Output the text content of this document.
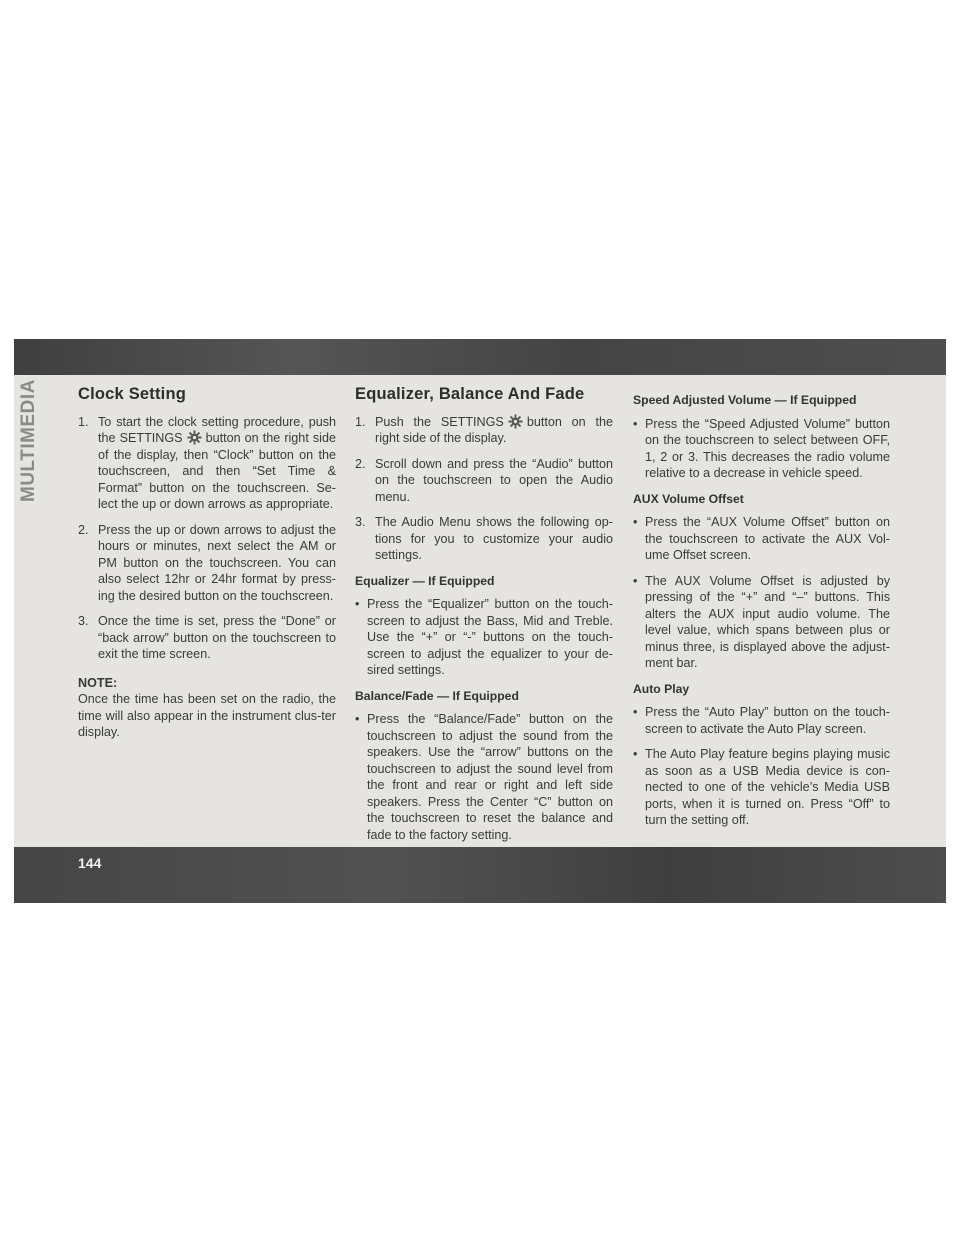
MULTIMEDIA Clock Setting
1. To start the clock setting procedure, push the SETTINGS button on the right side of the display, then “Clock” button on the touchscreen, and then “Set Time & Format” button on the touchscreen. Se-lect the up or down arrows as appropriate.
2. Press the up or down arrows to adjust the hours or minutes, next select the AM or PM button on the touchscreen. You can also select 12hr or 24hr format by press-ing the desired button on the touchscreen.
3. Once the time is set, press the “Done” or “back arrow” button on the touchscreen to exit the time screen.
NOTE:
Once the time has been set on the radio, the time will also appear in the instrument clus-ter display.
Equalizer, Balance And Fade
1. Push the SETTINGS button on the right side of the display.
2. Scroll down and press the “Audio” button on the touchscreen to open the Audio menu.
3. The Audio Menu shows the following op-tions for you to customize your audio settings.
Equalizer — If Equipped
• Press the “Equalizer” button on the touch-screen to adjust the Bass, Mid and Treble. Use the “+” or “-” buttons on the touch-screen to adjust the equalizer to your de-sired settings.
Balance/Fade — If Equipped
• Press the “Balance/Fade” button on the touchscreen to adjust the sound from the speakers. Use the “arrow” buttons on the touchscreen to adjust the sound level from the front and rear or right and left side speakers. Press the Center “C” button on the touchscreen to reset the balance and fade to the factory setting.
Speed Adjusted Volume — If Equipped
• Press the “Speed Adjusted Volume” button on the touchscreen to select between OFF, 1, 2 or 3. This decreases the radio volume relative to a decrease in vehicle speed.
AUX Volume Offset
• Press the “AUX Volume Offset” button on the touchscreen to activate the AUX Vol-ume Offset screen.
• The AUX Volume Offset is adjusted by pressing of the “+” and “–” buttons. This alters the AUX input audio volume. The level value, which spans between plus or minus three, is displayed above the adjust-ment bar.
Auto Play
• Press the “Auto Play” button on the touch-screen to activate the Auto Play screen.
• The Auto Play feature begins playing music as soon as a USB Media device is con-nected to one of the vehicle’s Media USB ports, when it is turned on. Press “Off” to turn the setting off.
144
